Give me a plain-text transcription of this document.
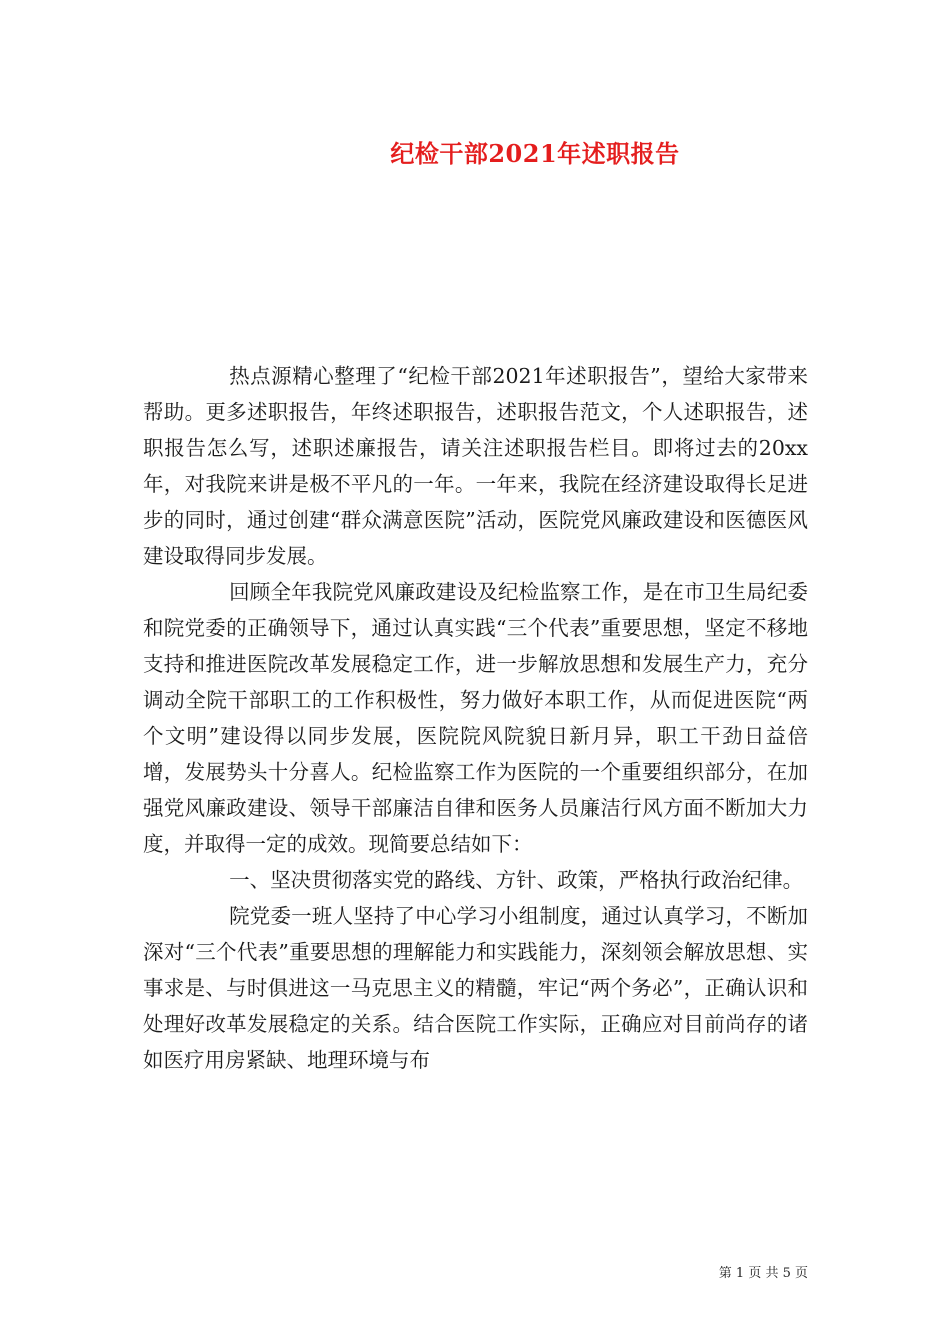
纪检干部2021年述职报告

热点源精心整理了“纪检干部2021年述职报告”，望给大家带来帮助。更多述职报告，年终述职报告，述职报告范文，个人述职报告，述职报告怎么写，述职述廉报告，请关注述职报告栏目。即将过去的20xx年，对我院来讲是极不平凡的一年。一年来，我院在经济建设取得长足进步的同时，通过创建“群众满意医院”活动，医院党风廉政建设和医德医风建设取得同步发展。

回顾全年我院党风廉政建设及纪检监察工作，是在市卫生局纪委和院党委的正确领导下，通过认真实践“三个代表”重要思想，坚定不移地支持和推进医院改革发展稳定工作，进一步解放思想和发展生产力，充分调动全院干部职工的工作积极性，努力做好本职工作，从而促进医院“两个文明”建设得以同步发展，医院院风院貌日新月异，职工干劲日益倍增，发展势头十分喜人。纪检监察工作为医院的一个重要组织部分，在加强党风廉政建设、领导干部廉洁自律和医务人员廉洁行风方面不断加大力度，并取得一定的成效。现简要总结如下：

一、坚决贯彻落实党的路线、方针、政策，严格执行政治纪律。

院党委一班人坚持了中心学习小组制度，通过认真学习，不断加深对“三个代表”重要思想的理解能力和实践能力，深刻领会解放思想、实事求是、与时俱进这一马克思主义的精髓，牢记“两个务必”，正确认识和处理好改革发展稳定的关系。结合医院工作实际，正确应对目前尚存的诸如医疗用房紧缺、地理环境与布

第 1 页 共 5 页
